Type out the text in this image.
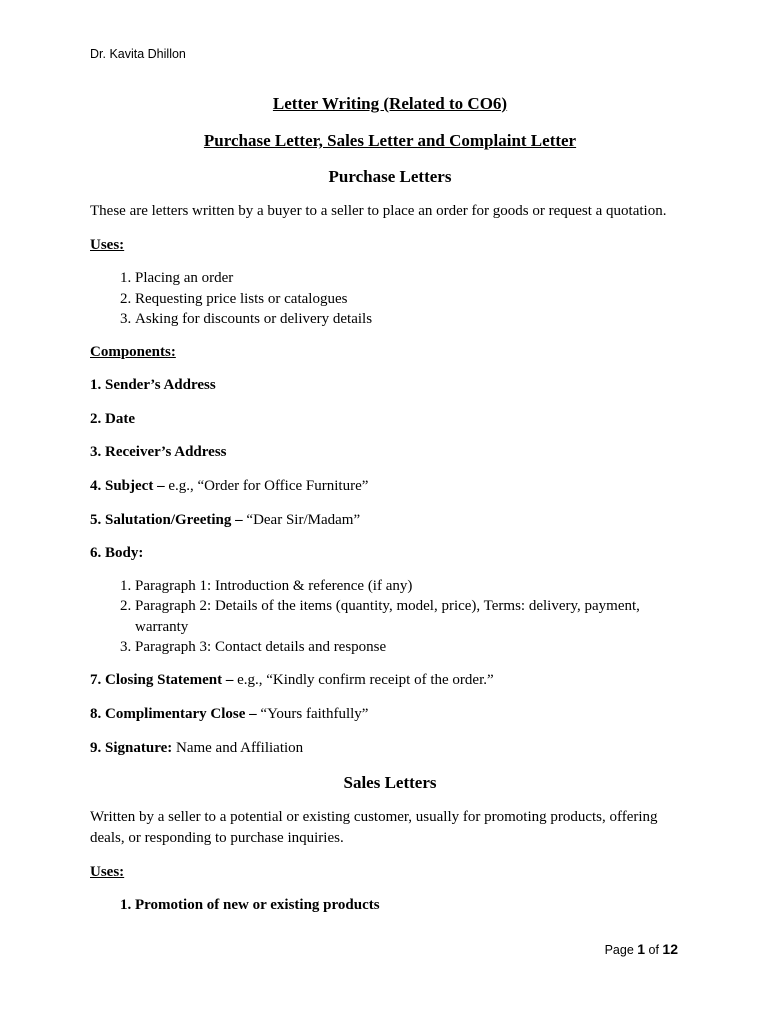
Dr. Kavita Dhillon

Letter Writing (Related to CO6)

Purchase Letter, Sales Letter and Complaint Letter

Purchase Letters

These are letters written by a buyer to a seller to place an order for goods or request a quotation.

Uses:

1. Placing an order
2. Requesting price lists or catalogues
3. Asking for discounts or delivery details

Components:

1. Sender’s Address

2. Date

3. Receiver’s Address

4. Subject – e.g., “Order for Office Furniture”

5. Salutation/Greeting – “Dear Sir/Madam”

6. Body:

1. Paragraph 1: Introduction & reference (if any)
2. Paragraph 2: Details of the items (quantity, model, price), Terms: delivery, payment, warranty
3. Paragraph 3: Contact details and response

7. Closing Statement – e.g., “Kindly confirm receipt of the order.”

8. Complimentary Close – “Yours faithfully”

9. Signature: Name and Affiliation

Sales Letters

Written by a seller to a potential or existing customer, usually for promoting products, offering deals, or responding to purchase inquiries.

Uses:

1. Promotion of new or existing products
Page 1 of 12
